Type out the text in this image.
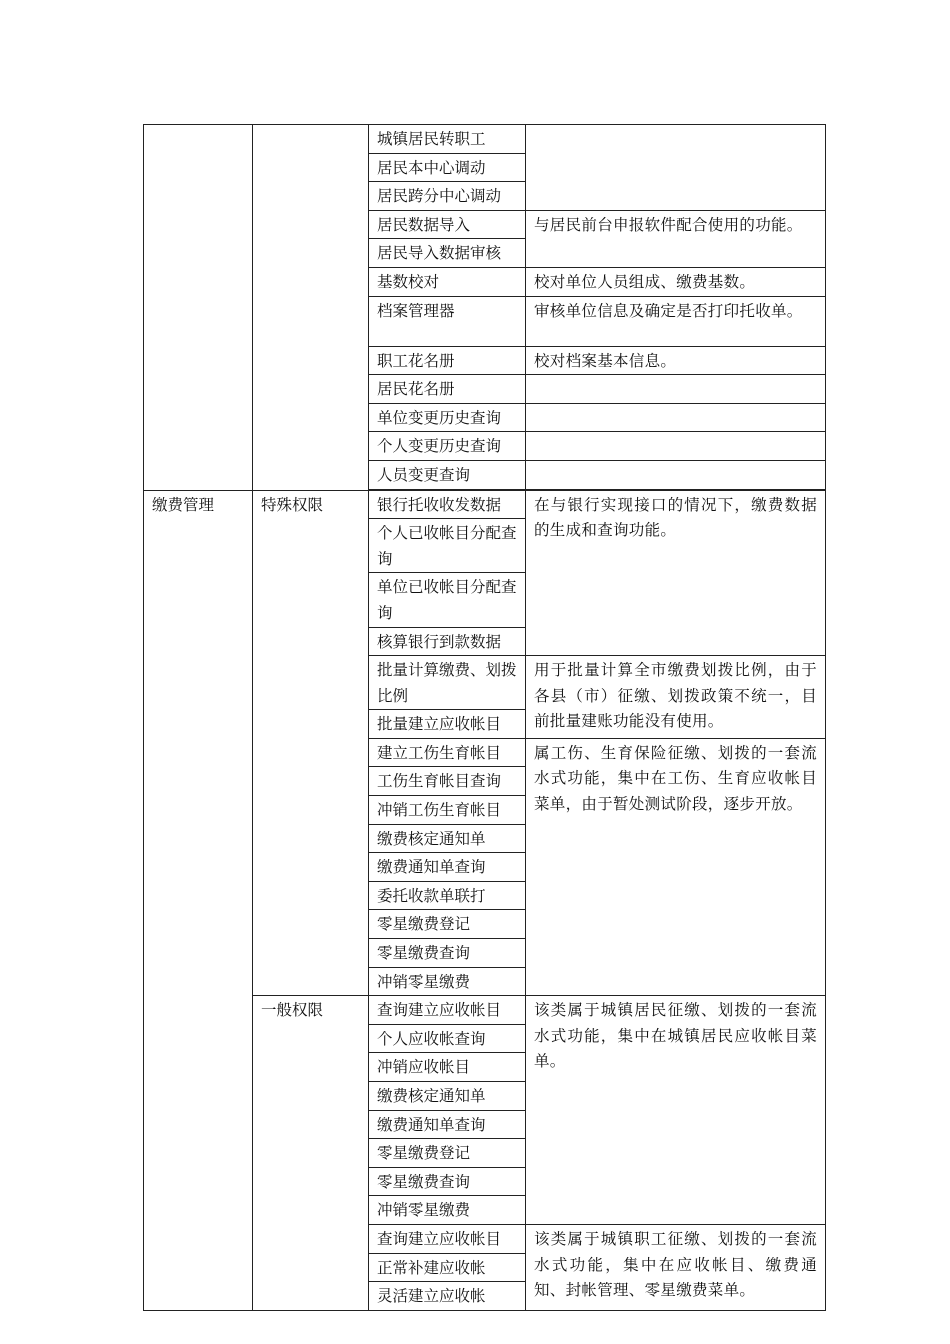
		城镇居民转职工	
		居民本中心调动	
		居民跨分中心调动	
		居民数据导入	与居民前台申报软件配合使用的功能。
		居民导入数据审核	
		基数校对	校对单位人员组成、缴费基数。
		档案管理器	审核单位信息及确定是否打印托收单。
		职工花名册	校对档案基本信息。
		居民花名册	
		单位变更历史查询	
		个人变更历史查询	
		人员变更查询	

缴费管理	特殊权限	银行托收收发数据	在与银行实现接口的情况下，缴费数据的生成和查询功能。
		个人已收帐目分配查询	
		单位已收帐目分配查询	
		核算银行到款数据	
		批量计算缴费、划拨比例	用于批量计算全市缴费划拨比例，由于各县（市）征缴、划拨政策不统一，目前批量建账功能没有使用。
		批量建立应收帐目	
		建立工伤生育帐目	属工伤、生育保险征缴、划拨的一套流水式功能，集中在工伤、生育应收帐目菜单，由于暂处测试阶段，逐步开放。
		工伤生育帐目查询	
		冲销工伤生育帐目	
		缴费核定通知单	
		缴费通知单查询	
		委托收款单联打	
		零星缴费登记	
		零星缴费查询	
		冲销零星缴费	
	一般权限	查询建立应收帐目	该类属于城镇居民征缴、划拨的一套流水式功能，集中在城镇居民应收帐目菜单。
		个人应收帐查询	
		冲销应收帐目	
		缴费核定通知单	
		缴费通知单查询	
		零星缴费登记	
		零星缴费查询	
		冲销零星缴费	
		查询建立应收帐目	该类属于城镇职工征缴、划拨的一套流水式功能，集中在应收帐目、缴费通知、封帐管理、零星缴费菜单。
		正常补建应收帐	
		灵活建立应收帐	
